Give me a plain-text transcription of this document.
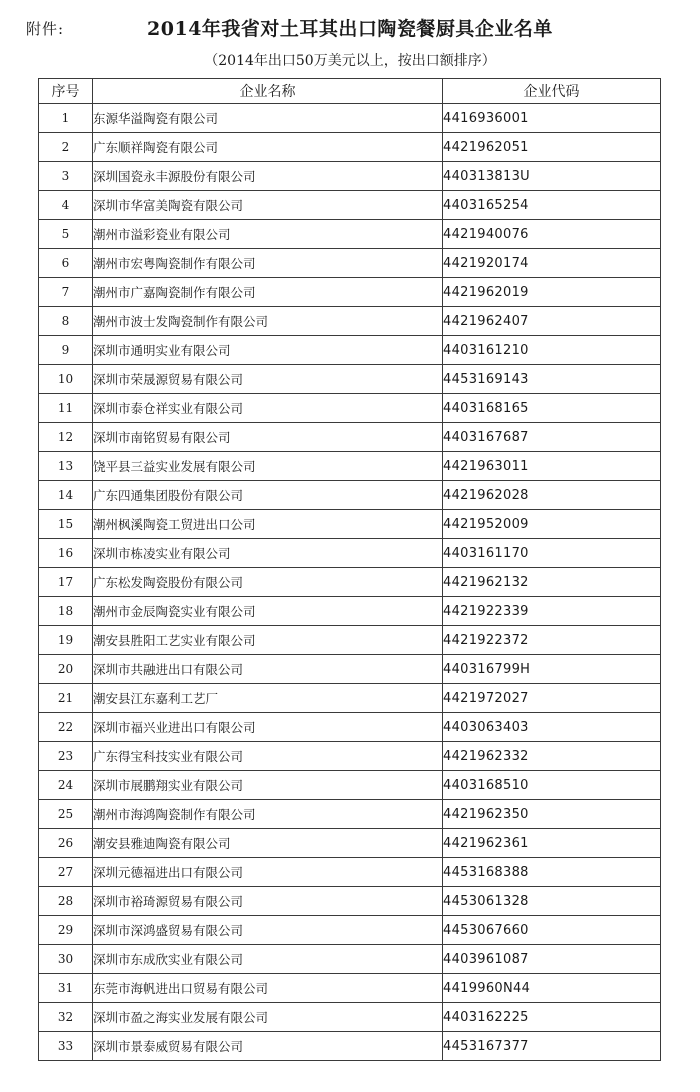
附件:	2014年我省对土耳其出口陶瓷餐厨具企业名单
（2014年出口50万美元以上，按出口额排序）
序号	企业名称	企业代码
1	东源华溢陶瓷有限公司	4416936001
2	广东顺祥陶瓷有限公司	4421962051
3	深圳国瓷永丰源股份有限公司	440313813U
4	深圳市华富美陶瓷有限公司	4403165254
5	潮州市溢彩瓷业有限公司	4421940076
6	潮州市宏粤陶瓷制作有限公司	4421920174
7	潮州市广嘉陶瓷制作有限公司	4421962019
8	潮州市波士发陶瓷制作有限公司	4421962407
9	深圳市通明实业有限公司	4403161210
10	深圳市荣晟源贸易有限公司	4453169143
11	深圳市泰仓祥实业有限公司	4403168165
12	深圳市南铭贸易有限公司	4403167687
13	饶平县三益实业发展有限公司	4421963011
14	广东四通集团股份有限公司	4421962028
15	潮州枫溪陶瓷工贸进出口公司	4421952009
16	深圳市栋凌实业有限公司	4403161170
17	广东松发陶瓷股份有限公司	4421962132
18	潮州市金辰陶瓷实业有限公司	4421922339
19	潮安县胜阳工艺实业有限公司	4421922372
20	深圳市共融进出口有限公司	440316799H
21	潮安县江东嘉利工艺厂	4421972027
22	深圳市福兴业进出口有限公司	4403063403
23	广东得宝科技实业有限公司	4421962332
24	深圳市展鹏翔实业有限公司	4403168510
25	潮州市海鸿陶瓷制作有限公司	4421962350
26	潮安县雅迪陶瓷有限公司	4421962361
27	深圳元德福进出口有限公司	4453168388
28	深圳市裕琦源贸易有限公司	4453061328
29	深圳市深鸿盛贸易有限公司	4453067660
30	深圳市东成欣实业有限公司	4403961087
31	东莞市海帆进出口贸易有限公司	4419960N44
32	深圳市盈之海实业发展有限公司	4403162225
33	深圳市景泰威贸易有限公司	4453167377
